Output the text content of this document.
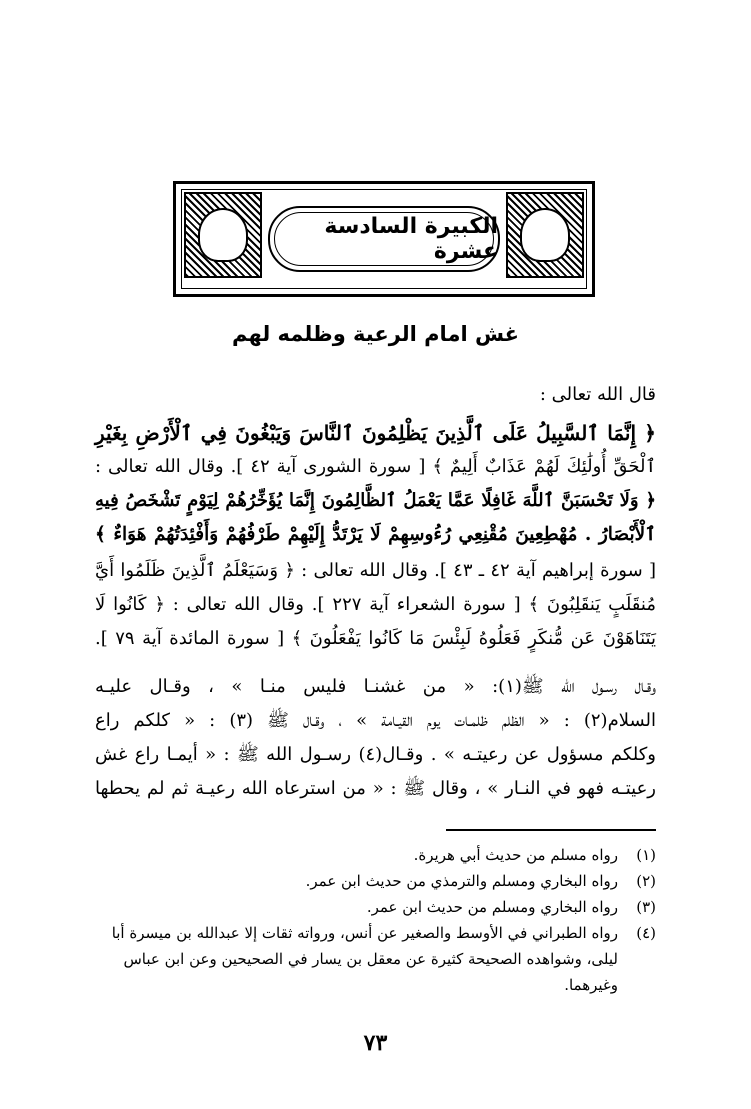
الكبيرة السادسة عشرة
غش امام الرعية وظلمه لهم
قال الله تعالى :
﴿ إِنَّمَا ٱلسَّبِيلُ عَلَى ٱلَّذِينَ يَظْلِمُونَ ٱلنَّاسَ وَيَبْغُونَ فِي ٱلْأَرْضِ بِغَيْرِ
ٱلْحَقِّ أُولَٰئِكَ لَهُمْ عَذَابٌ أَلِيمٌ ﴾ [ سورة الشورى آية ٤٢ ]. وقال الله تعالى :
﴿ وَلَا تَحْسَبَنَّ ٱللَّهَ غَافِلًا عَمَّا يَعْمَلُ ٱلظَّالِمُونَ إِنَّمَا يُؤَخِّرُهُمْ لِيَوْمٍ تَشْخَصُ فِيهِ
ٱلْأَبْصَارُ . مُهْطِعِينَ مُقْنِعِي رُءُوسِهِمْ لَا يَرْتَدُّ إِلَيْهِمْ طَرْفُهُمْ وَأَفْئِدَتُهُمْ هَوَاءٌ ﴾
[ سورة إبراهيم آية ٤٢ ـ ٤٣ ]. وقال الله تعالى : ﴿ وَسَيَعْلَمُ ٱلَّذِينَ ظَلَمُوا أَيَّ
مُنقَلَبٍ يَنقَلِبُونَ ﴾ [ سورة الشعراء آية ٢٢٧ ]. وقال الله تعالى : ﴿ كَانُوا لَا
يَتَنَاهَوْنَ عَن مُّنكَرٍ فَعَلُوهُ لَبِئْسَ مَا كَانُوا يَفْعَلُونَ ﴾ [ سورة المائدة آية ٧٩ ].
وقـال رسـول الله ﷺ(١): « من غشنـا فليس منـا » ، وقـال عليـه
السلام(٢) : « الظلم ظلمـات يوم القيـامة » ، وقـال ﷺ (٣) : « كلكم راع
وكلكم مسؤول عن رعيتـه » . وقـال(٤) رسـول الله ﷺ : « أيمـا راع غش
رعيتـه فهو في النـار » ، وقال ﷺ : « من استرعاه الله رعيـة ثم لم يحطها
(١)رواه مسلم من حديث أبي هريرة.
(٢)رواه البخاري ومسلم والترمذي من حديث ابن عمر.
(٣)رواه البخاري ومسلم من حديث ابن عمر.
(٤)رواه الطبراني في الأوسط والصغير عن أنس، ورواته ثقات إلا عبدالله بن ميسرة أبا
ليلى، وشواهده الصحيحة كثيرة عن معقل بن يسار في الصحيحين وعن ابن عباس
وغيرهما.
٧٣
